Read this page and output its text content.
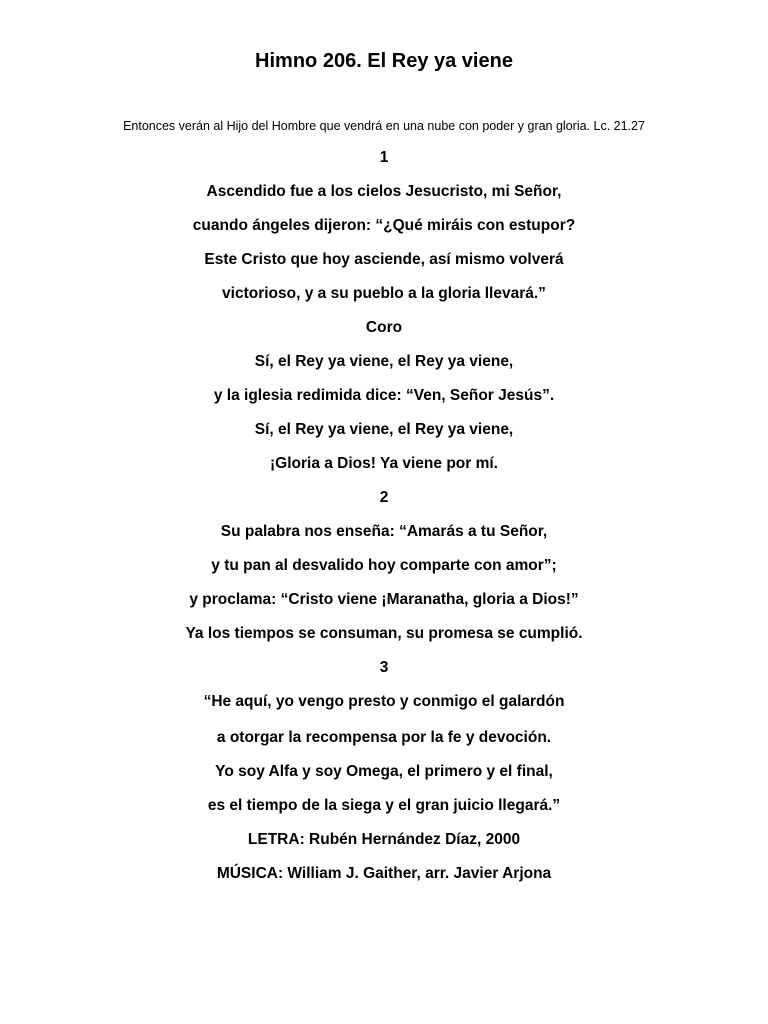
Himno 206. El Rey ya viene

Entonces verán al Hijo del Hombre que vendrá en una nube con poder y gran gloria. Lc. 21.27

1

Ascendido fue a los cielos Jesucristo, mi Señor,

cuando ángeles dijeron: “¿Qué miráis con estupor?

Este Cristo que hoy asciende, así mismo volverá

victorioso, y a su pueblo a la gloria llevará.”

Coro

Sí, el Rey ya viene, el Rey ya viene,

y la iglesia redimida dice: “Ven, Señor Jesús”.

Sí, el Rey ya viene, el Rey ya viene,

¡Gloria a Dios! Ya viene por mí.

2

Su palabra nos enseña: “Amarás a tu Señor,

y tu pan al desvalido hoy comparte con amor”;

y proclama: “Cristo viene ¡Maranatha, gloria a Dios!”

Ya los tiempos se consuman, su promesa se cumplió.

3

“He aquí, yo vengo presto y conmigo el galardón

a otorgar la recompensa por la fe y devoción.

Yo soy Alfa y soy Omega, el primero y el final,

es el tiempo de la siega y el gran juicio llegará.”

LETRA: Rubén Hernández Díaz, 2000

MÚSICA: William J. Gaither, arr. Javier Arjona
